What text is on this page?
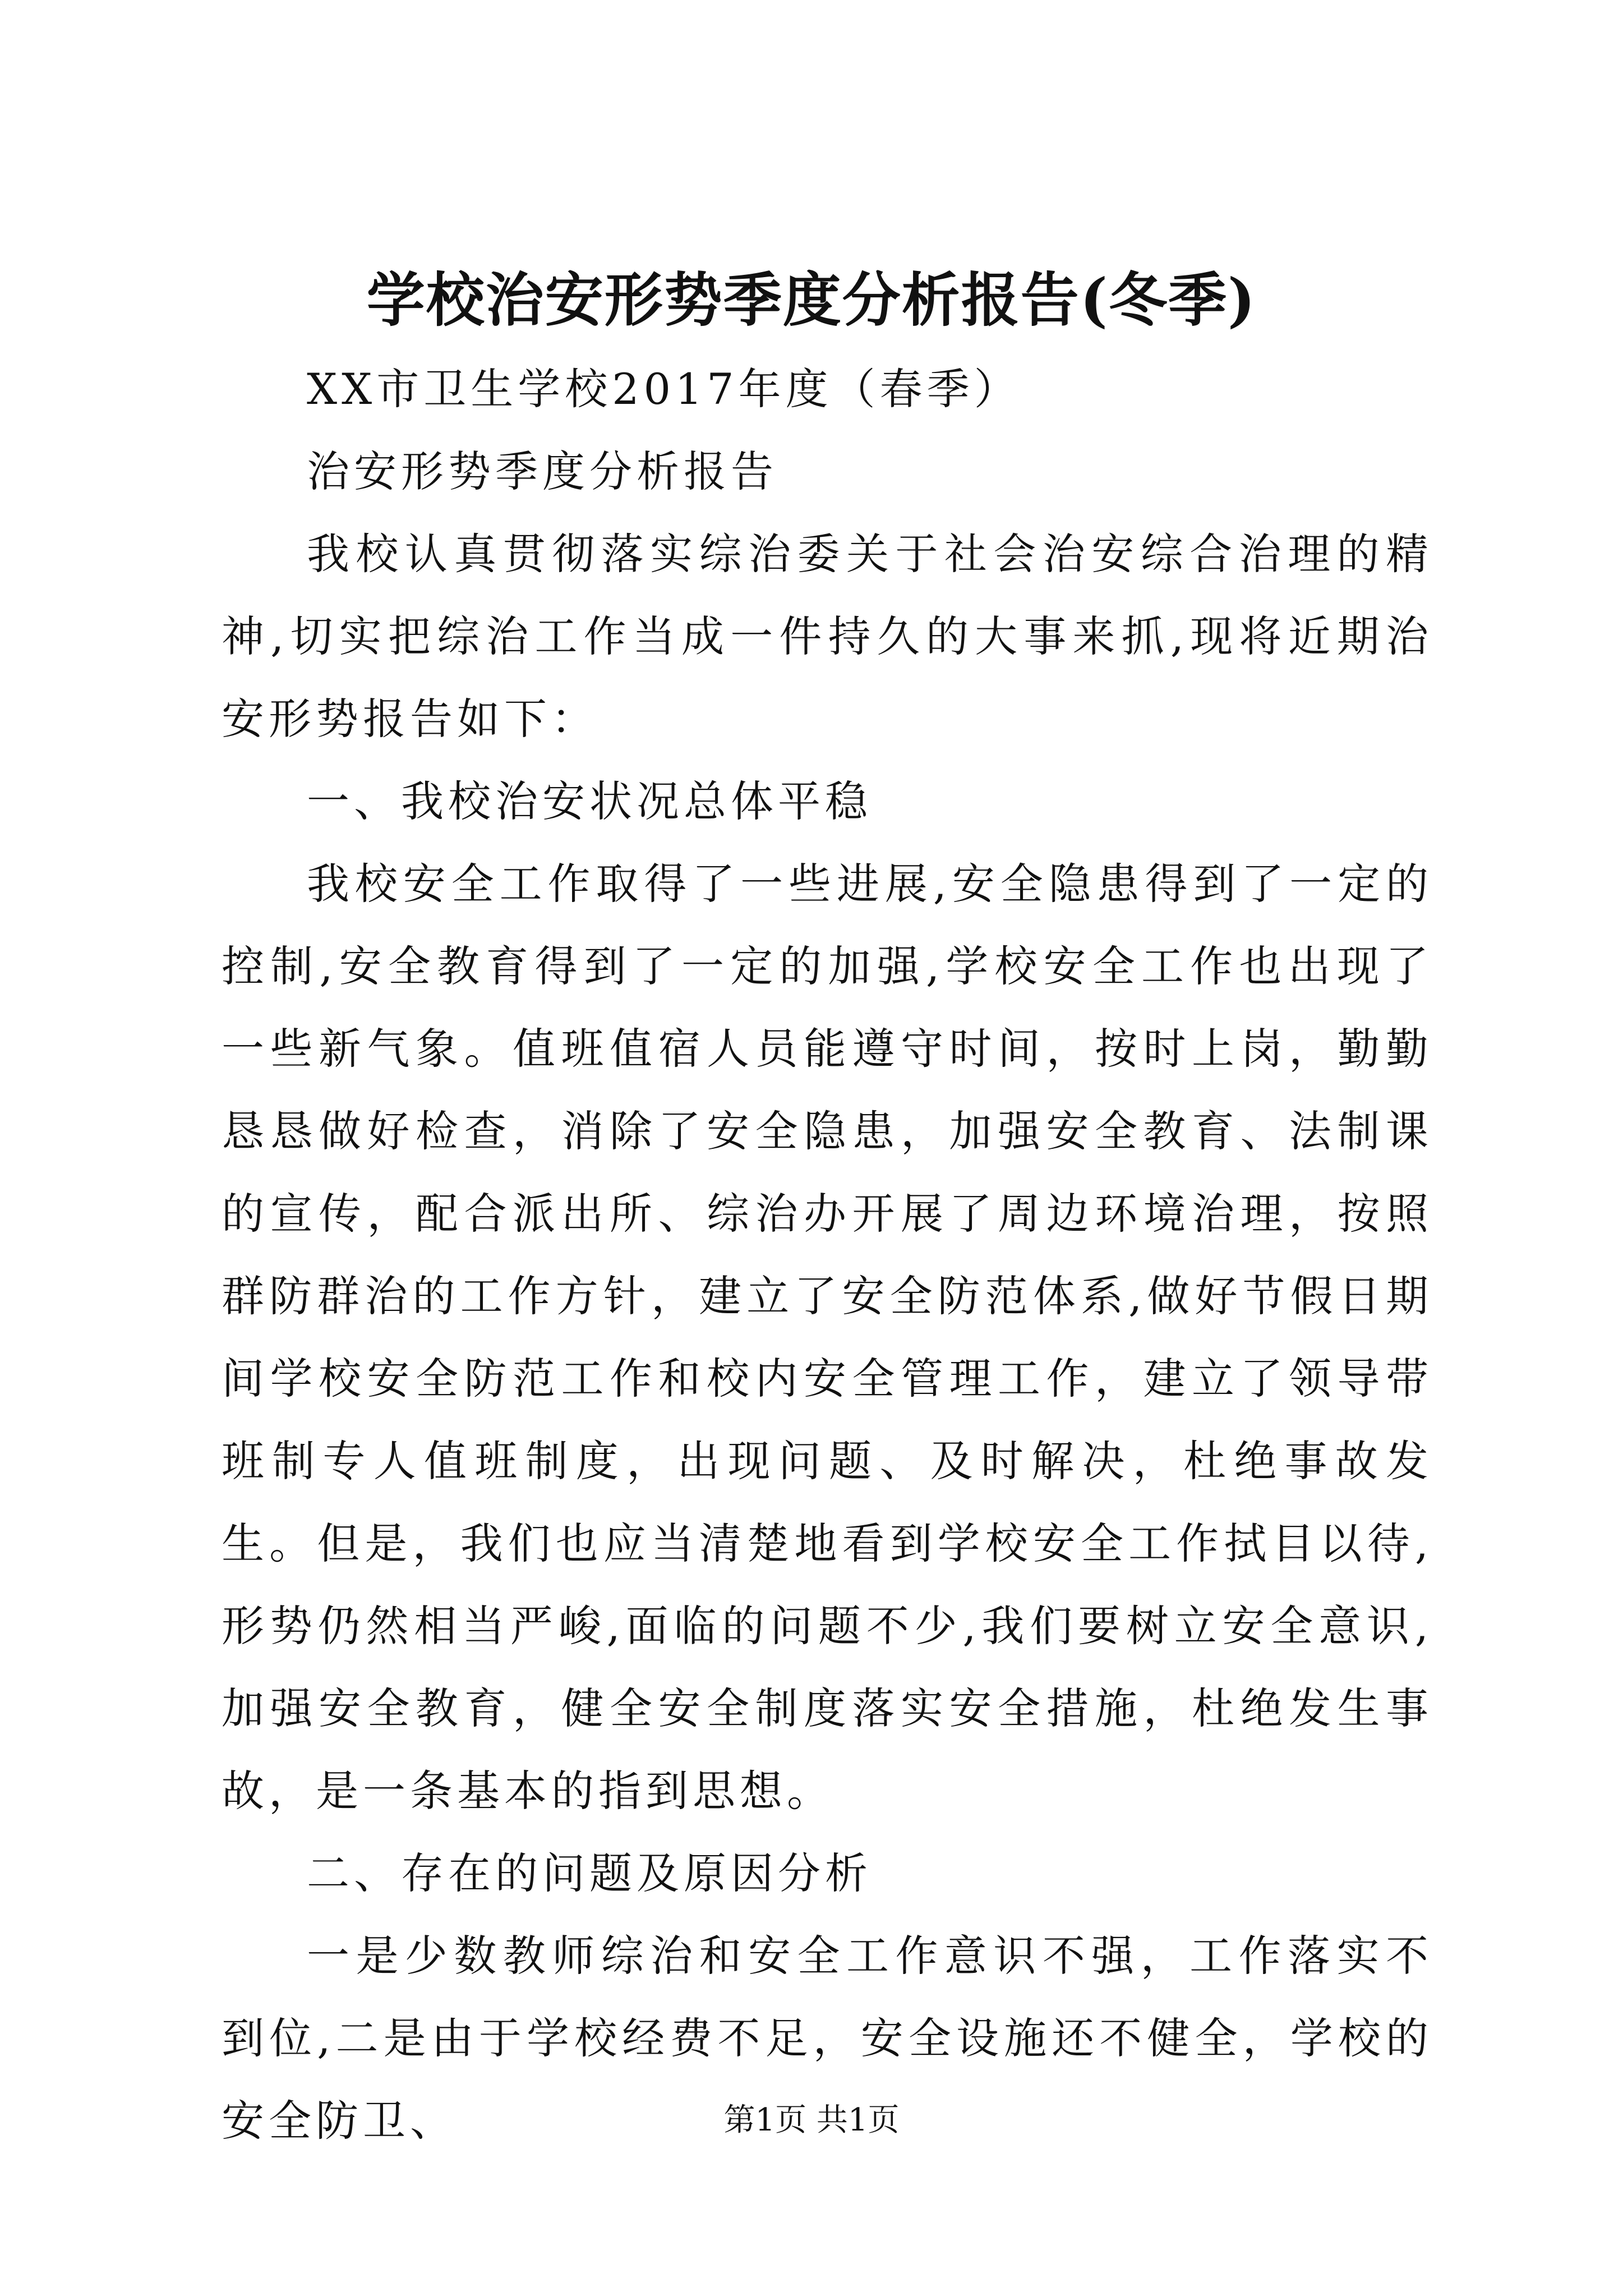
学校治安形势季度分析报告(冬季)

XX市卫生学校2017年度（春季）

治安形势季度分析报告

我校认真贯彻落实综治委关于社会治安综合治理的精神,切实把综治工作当成一件持久的大事来抓,现将近期治安形势报告如下：

一、我校治安状况总体平稳

我校安全工作取得了一些进展,安全隐患得到了一定的控制,安全教育得到了一定的加强,学校安全工作也出现了一些新气象。值班值宿人员能遵守时间，按时上岗，勤勤恳恳做好检查，消除了安全隐患，加强安全教育、法制课的宣传，配合派出所、综治办开展了周边环境治理，按照群防群治的工作方针，建立了安全防范体系,做好节假日期间学校安全防范工作和校内安全管理工作，建立了领导带班制专人值班制度，出现问题、及时解决，杜绝事故发生。但是，我们也应当清楚地看到学校安全工作拭目以待,形势仍然相当严峻,面临的问题不少,我们要树立安全意识,加强安全教育，健全安全制度落实安全措施，杜绝发生事故，是一条基本的指到思想。

二、存在的问题及原因分析

一是少数教师综治和安全工作意识不强，工作落实不到位,二是由于学校经费不足，安全设施还不健全，学校的安全防卫、	第1页 共1页
